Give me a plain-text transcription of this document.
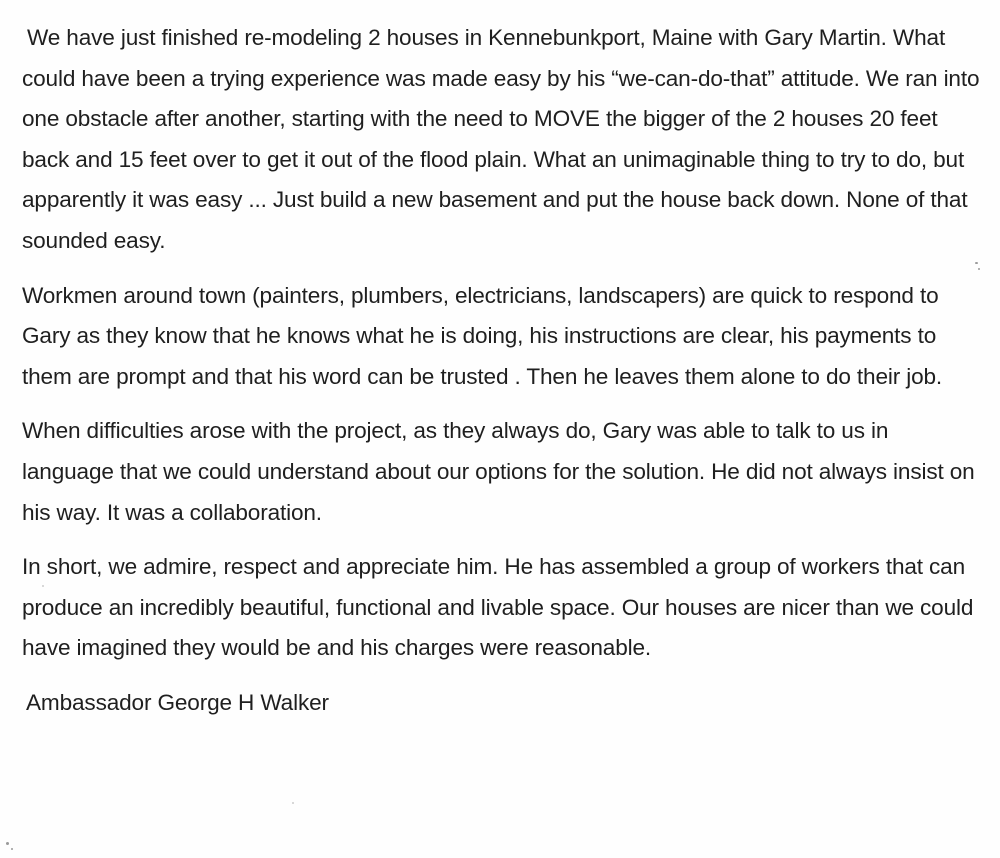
We have just finished re-modeling 2 houses in Kennebunkport, Maine with Gary Martin. What could have been a trying experience was made easy by his “we-can-do-that” attitude. We ran into one obstacle after another, starting with the need to MOVE the bigger of the 2 houses 20 feet back and 15 feet over to get it out of the flood plain. What an unimaginable thing to try to do, but apparently it was easy ... Just build a new basement and put the house back down. None of that sounded easy.

Workmen around town (painters, plumbers, electricians, landscapers) are quick to respond to Gary as they know that he knows what he is doing, his instructions are clear, his payments to them are prompt and that his word can be trusted . Then he leaves them alone to do their job.

When difficulties arose with the project, as they always do, Gary was able to talk to us in language that we could understand about our options for the solution. He did not always insist on his way. It was a collaboration.

In short, we admire, respect and appreciate him. He has assembled a group of workers that can produce an incredibly beautiful, functional and livable space. Our houses are nicer than we could have imagined they would be and his charges were reasonable.

Ambassador George H Walker
